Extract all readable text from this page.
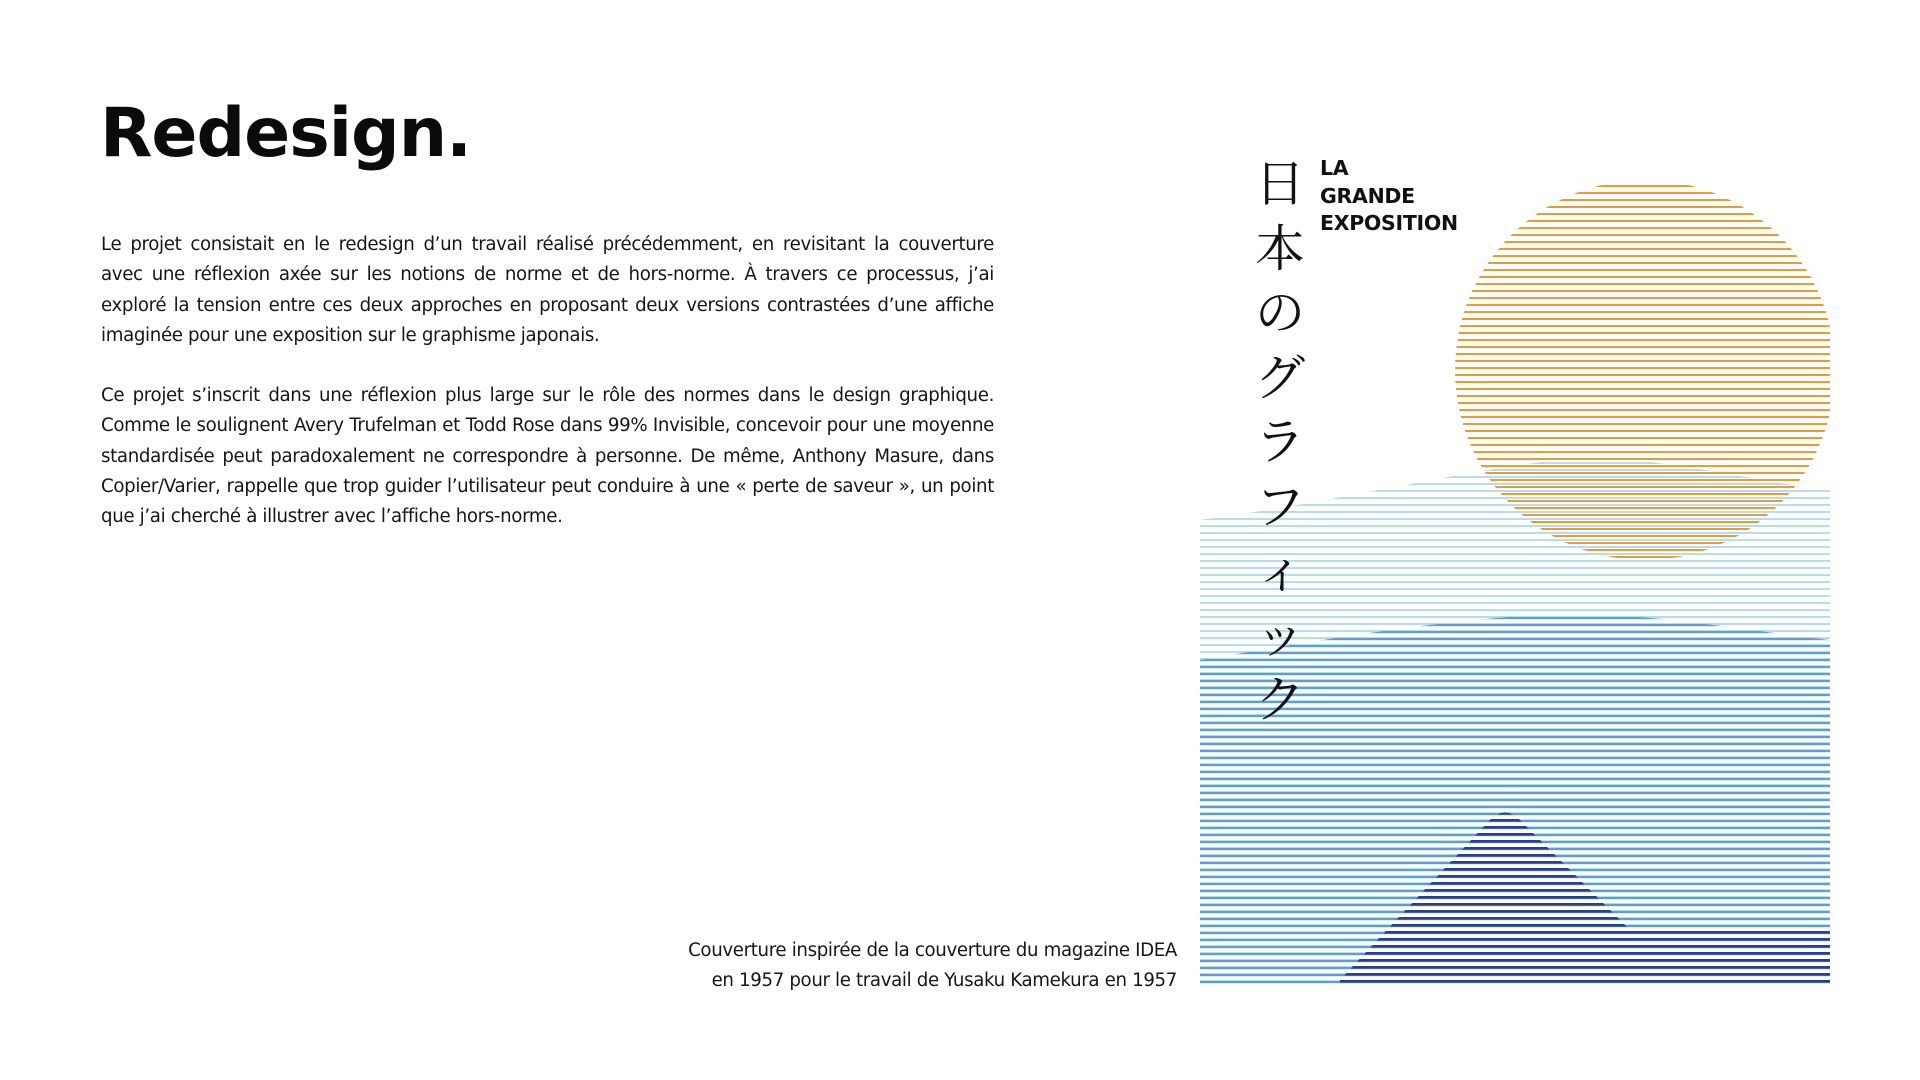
Redesign.

Le projet consistait en le redesign d’un travail réalisé précédemment, en revisitant la couverture avec une réflexion axée sur les notions de norme et de hors-norme. À travers ce processus, j’ai exploré la tension entre ces deux approches en proposant deux versions contrastées d’une affiche imaginée pour une exposition sur le graphisme japonais.

Ce projet s’inscrit dans une réflexion plus large sur le rôle des normes dans le design graphique. Comme le soulignent Avery Trufelman et Todd Rose dans 99% Invisible, concevoir pour une moyenne standardisée peut paradoxalement ne correspondre à personne. De même, Anthony Masure, dans Copier/Varier, rappelle que trop guider l’utilisateur peut conduire à une « perte de saveur », un point que j’ai cherché à illustrer avec l’affiche hors-norme.

Couverture inspirée de la couverture du magazine IDEA
en 1957 pour le travail de Yusaku Kamekura en 1957
日
本
の
グ
ラ
フ
ィ
ッ
ク
LA
GRANDE
EXPOSITION
